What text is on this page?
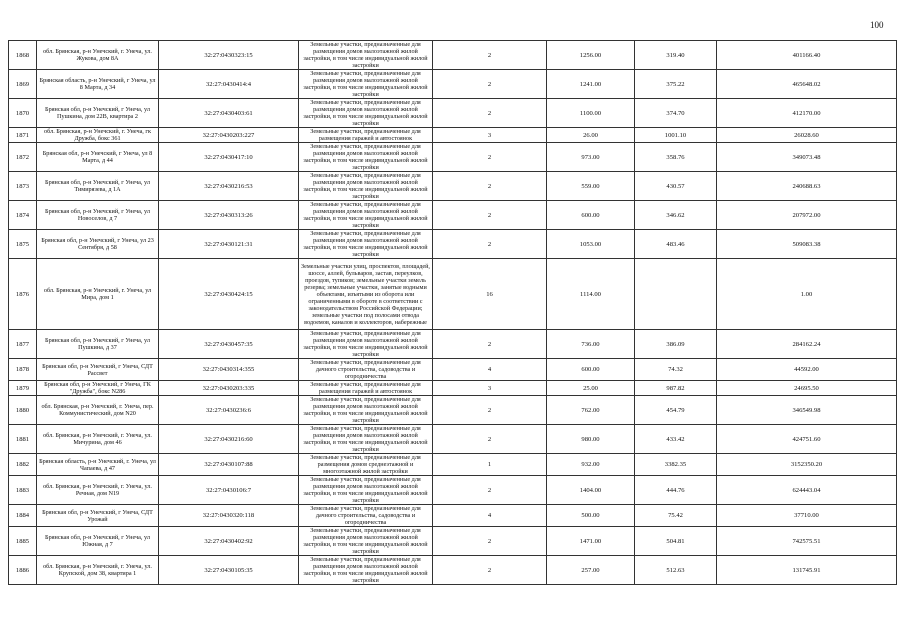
100
1868	обл. Брянская, р-н Унечский, г. Унеча, ул. Жукова, дом 8А	32:27:0430323:15	Земельные участки, предназначенные для размещения домов малоэтажной жилой застройки, в том числе индивидуальной жилой застройки	2	1256.00	319.40	401166.40
1869	Брянская область, р-н Унечский, г Унеча, ул 8 Марта, д 34	32:27:0430414:4	Земельные участки, предназначенные для размещения домов малоэтажной жилой застройки, в том числе индивидуальной жилой застройки	2	1241.00	375.22	465648.02
1870	Брянская обл, р-н Унечский, г Унеча, ул Пушкина, дом 22В, квартира 2	32:27:0430403:61	Земельные участки, предназначенные для размещения домов малоэтажной жилой застройки, в том числе индивидуальной жилой застройки	2	1100.00	374.70	412170.00
1871	обл. Брянская, р-н Унечский, г. Унеча, гк Дружба, бокс 361	32:27:0430203:227	Земельные участки, предназначенные для размещения гаражей и автостоянок	3	26.00	1001.10	26028.60
1872	Брянская обл, р-н Унечский, г Унеча, ул 8 Марта, д 44	32:27:0430417:10	Земельные участки, предназначенные для размещения домов малоэтажной жилой застройки, в том числе индивидуальной жилой застройки	2	973.00	358.76	349073.48
1873	Брянская обл, р-н Унечский, г Унеча, ул Тимирязева, д 1А	32:27:0430216:53	Земельные участки, предназначенные для размещения домов малоэтажной жилой застройки, в том числе индивидуальной жилой застройки	2	559.00	430.57	240688.63
1874	Брянская обл, р-н Унечский, г Унеча, ул Новоселов, д 7	32:27:0430313:26	Земельные участки, предназначенные для размещения домов малоэтажной жилой застройки, в том числе индивидуальной жилой застройки	2	600.00	346.62	207972.00
1875	Брянская обл, р-н Унечский, г Унеча, ул 23 Сентября, д 58	32:27:0430121:31	Земельные участки, предназначенные для размещения домов малоэтажной жилой застройки, в том числе индивидуальной жилой застройки	2	1053.00	483.46	509083.38
1876	обл. Брянская, р-н Унечский, г. Унеча, ул Мира, дом 1	32:27:0430424:15	Земельные участки улиц, проспектов, площадей, шоссе, аллей, бульваров, застав, переулков, проездов, тупиков; земельные участки земель резерва; земельные участки, занятые водными объектами, изъятыми из оборота или ограниченными в обороте в соответствии с законодательством Российской Федерации; земельные участки под полосами отвода водоемов, каналов и коллекторов, набережные	16	1114.00		1.00
1877	Брянская обл, р-н Унечский, г Унеча, ул Пушкина, д 37	32:27:0430457:35	Земельные участки, предназначенные для размещения домов малоэтажной жилой застройки, в том числе индивидуальной жилой застройки	2	736.00	386.09	284162.24
1878	Брянская обл, р-н Унечский, г Унеча, СДТ Рассвет	32:27:0430314:355	Земельные участки, предназначенные для дачного строительства, садоводства и огородничества	4	600.00	74.32	44592.00
1879	Брянская обл, р-н Унечский, г Унеча, ГК "Дружба", бокс N286	32:27:0430203:335	Земельные участки, предназначенные для размещения гаражей и автостоянок	3	25.00	987.82	24695.50
1880	обл. Брянская, р-н Унечский, г. Унеча, пер. Коммунистический, дом N20	32:27:0430236:6	Земельные участки, предназначенные для размещения домов малоэтажной жилой застройки, в том числе индивидуальной жилой застройки	2	762.00	454.79	346549.98
1881	обл. Брянская, р-н Унечский, г. Унеча, ул. Мичурина, дом 46	32:27:0430216:60	Земельные участки, предназначенные для размещения домов малоэтажной жилой застройки, в том числе индивидуальной жилой застройки	2	980.00	433.42	424751.60
1882	Брянская область, р-н Унечский, г. Унеча, ул Чапаева, д 47	32:27:0430107:88	Земельные участки, предназначенные для размещения домов среднеэтажной и многоэтажной жилой застройки	1	932.00	3382.35	3152350.20
1883	обл. Брянская, р-н Унечский, г. Унеча, ул. Речная, дом N19	32:27:0430106:7	Земельные участки, предназначенные для размещения домов малоэтажной жилой застройки, в том числе индивидуальной жилой застройки	2	1404.00	444.76	624443.04
1884	Брянская обл, р-н Унечский, г Унеча, СДТ Урожай	32:27:0430320:118	Земельные участки, предназначенные для дачного строительства, садоводства и огородничества	4	500.00	75.42	37710.00
1885	Брянская обл, р-н Унечский, г Унеча, ул Южная, д 7	32:27:0430402:92	Земельные участки, предназначенные для размещения домов малоэтажной жилой застройки, в том числе индивидуальной жилой застройки	2	1471.00	504.81	742575.51
1886	обл. Брянская, р-н Унечский, г. Унеча, ул. Крупской, дом 38, квартира 1	32:27:0430105:35	Земельные участки, предназначенные для размещения домов малоэтажной жилой застройки, в том числе индивидуальной жилой застройки	2	257.00	512.63	131745.91
